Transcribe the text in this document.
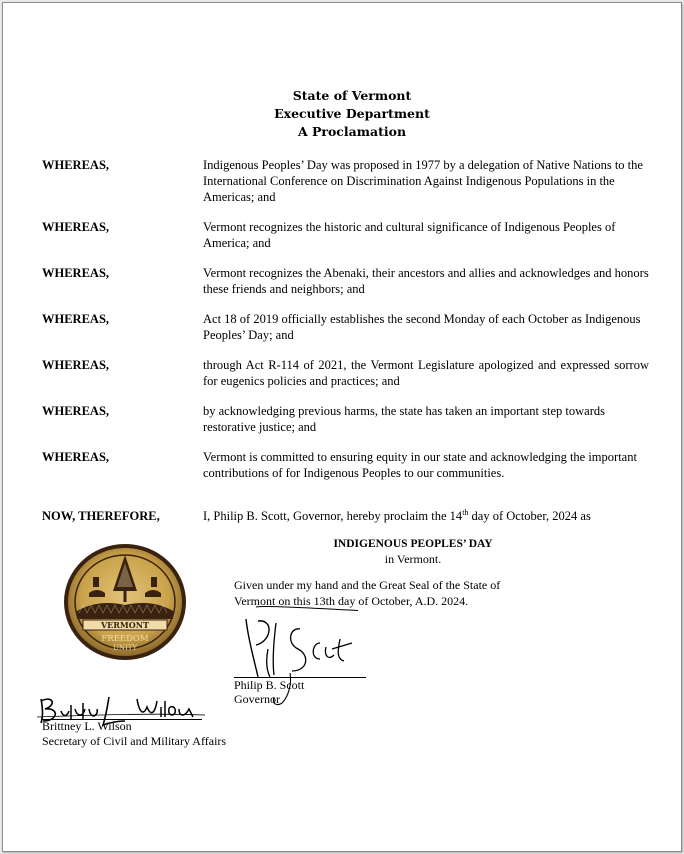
State of Vermont
Executive Department
A Proclamation
WHEREAS,	Indigenous Peoples’ Day was proposed in 1977 by a delegation of Native Nations to the International Conference on Discrimination Against Indigenous Populations in the Americas; and
WHEREAS,	Vermont recognizes the historic and cultural significance of Indigenous Peoples of America; and
WHEREAS,	Vermont recognizes the Abenaki, their ancestors and allies and acknowledges and honors these friends and neighbors; and
WHEREAS,	Act 18 of 2019 officially establishes the second Monday of each October as Indigenous Peoples’ Day; and
WHEREAS,	through Act R-114 of 2021, the Vermont Legislature apologized and expressed sorrow for eugenics policies and practices; and
WHEREAS,	by acknowledging previous harms, the state has taken an important step towards restorative justice; and
WHEREAS,	Vermont is committed to ensuring equity in our state and acknowledging the important contributions of for Indigenous Peoples to our communities.
NOW, THEREFORE,	I, Philip B. Scott, Governor, hereby proclaim the 14th day of October, 2024 as
INDIGENOUS PEOPLES’ DAY
in Vermont.
VERMONT
FREEDOM
UNITY
Given under my hand and the Great Seal of the State of
Vermont on this 13th day of October, A.D. 2024.
Philip B. Scott
Governor
Brittney L. Wilson
Secretary of Civil and Military Affairs
